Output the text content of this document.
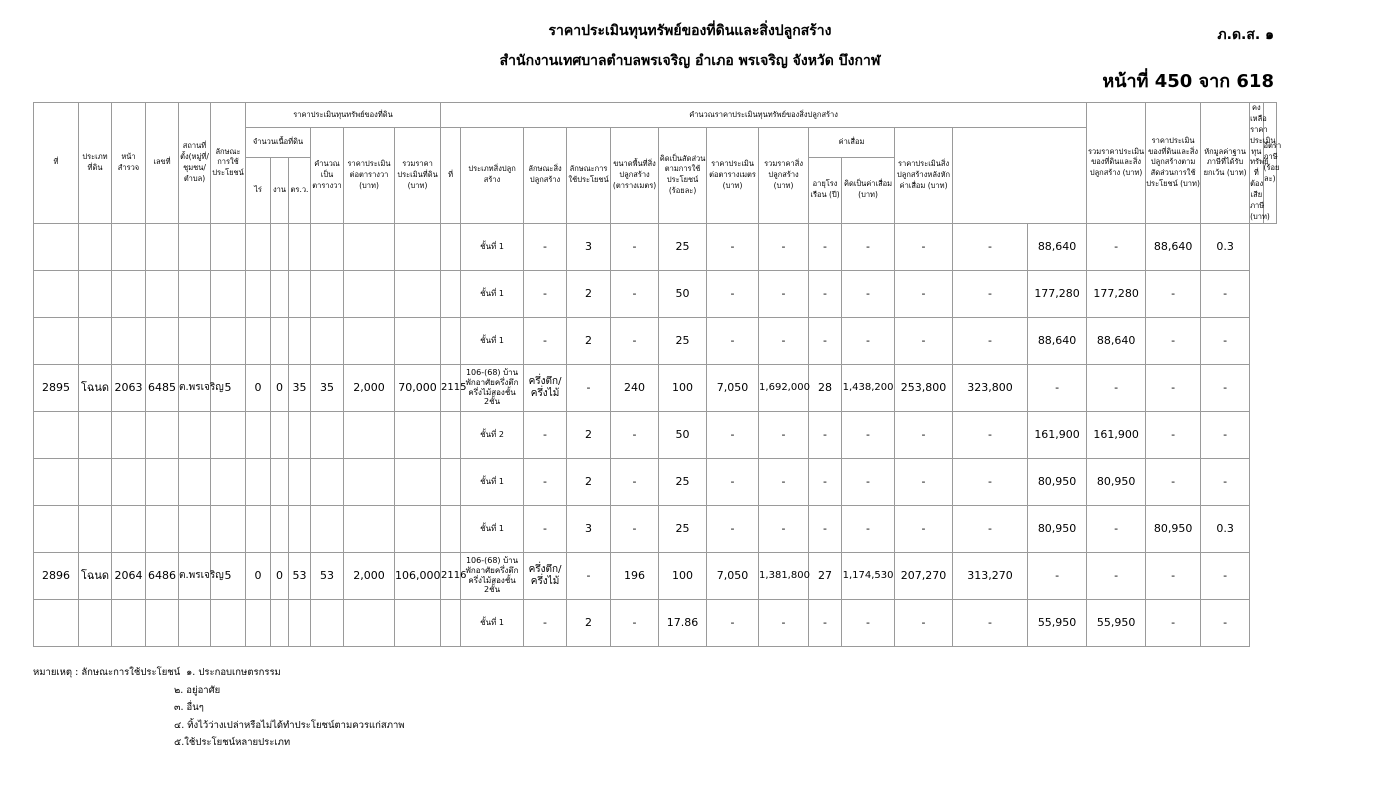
ราคาประเมินทุนทรัพย์ของที่ดินและสิ่งปลูกสร้าง
สำนักงานเทศบาลตำบลพรเจริญ อำเภอ พรเจริญ จังหวัด บึงกาฬ
ภ.ด.ส. ๑
หน้าที่ 450 จาก 618
ที่	ประเภทที่ดิน	หน้าสำรวจ	เลขที่	สถานที่ตั้ง(หมู่ที่/ชุมชน/ตำบล)	ลักษณะการใช้ประโยชน์	ราคาประเมินทุนทรัพย์ของที่ดิน						คำนวณราคาประเมินทุนทรัพย์ของสิ่งปลูกสร้าง													รวมราคาประเมินของที่ดินและสิ่งปลูกสร้าง (บาท)	ราคาประเมินของที่ดินและสิ่งปลูกสร้างตามสัดส่วนการใช้ประโยชน์ (บาท)	หักมูลค่าฐานภาษีที่ได้รับยกเว้น (บาท)	คงเหลือราคาประเมินทุนทรัพย์ที่ต้องเสียภาษี (บาท)	อัตราภาษี (ร้อยละ)
						จำนวนเนื้อที่ดิน			คำนวณเป็นตารางวา	ราคาประเมินต่อตารางวา (บาท)	รวมราคาประเมินที่ดิน (บาท)	ที่	ประเภทสิ่งปลูกสร้าง	ลักษณะสิ่งปลูกสร้าง	ลักษณะการใช้ประโยชน์	ขนาดพื้นที่สิ่งปลูกสร้าง (ตารางเมตร)	คิดเป็นสัดส่วนตามการใช้ประโยชน์ (ร้อยละ)	ราคาประเมินต่อตารางเมตร (บาท)	รวมราคาสิ่งปลูกสร้าง (บาท)	ค่าเสื่อม		ราคาประเมินสิ่งปลูกสร้างหลังหักค่าเสื่อม (บาท)							
						ไร่	งาน	ตร.ว.												อายุโรงเรือน (ปี)	คิดเป็นค่าเสื่อม (บาท)								
													ชั้นที่ 1	-	3	-	25	-	-	-	-	-	-	88,640	-	88,640	0.3		
													ชั้นที่ 1	-	2	-	50	-	-	-	-	-	-	177,280	177,280	-	-		
													ชั้นที่ 1	-	2	-	25	-	-	-	-	-	-	88,640	88,640	-	-		
2895	โฉนด	2063	6485	ต.พรเจริญ	5	0	0	35	35	2,000	70,000	2115	106-(68) บ้านพักอาศัยครึ่งตึกครึ่งไม้สองชั้น 2ชั้น	ครึ่งตึก/ครึ่งไม้	-	240	100	7,050	1,692,000	28	1,438,200	253,800	323,800	-	-	-	-		
													ชั้นที่ 2	-	2	-	50	-	-	-	-	-	-	161,900	161,900	-	-		
													ชั้นที่ 1	-	2	-	25	-	-	-	-	-	-	80,950	80,950	-	-		
													ชั้นที่ 1	-	3	-	25	-	-	-	-	-	-	80,950	-	80,950	0.3		
2896	โฉนด	2064	6486	ต.พรเจริญ	5	0	0	53	53	2,000	106,000	2116	106-(68) บ้านพักอาศัยครึ่งตึกครึ่งไม้สองชั้น 2ชั้น	ครึ่งตึก/ครึ่งไม้	-	196	100	7,050	1,381,800	27	1,174,530	207,270	313,270	-	-	-	-		
													ชั้นที่ 1	-	2	-	17.86	-	-	-	-	-	-	55,950	55,950	-	-		
หมายเหตุ : ลักษณะการใช้ประโยชน์ ๑. ประกอบเกษตรกรรม
๒. อยู่อาศัย
๓. อื่นๆ
๔. ทิ้งไว้ว่างเปล่าหรือไม่ได้ทำประโยชน์ตามควรแก่สภาพ
๕.ใช้ประโยชน์หลายประเภท
